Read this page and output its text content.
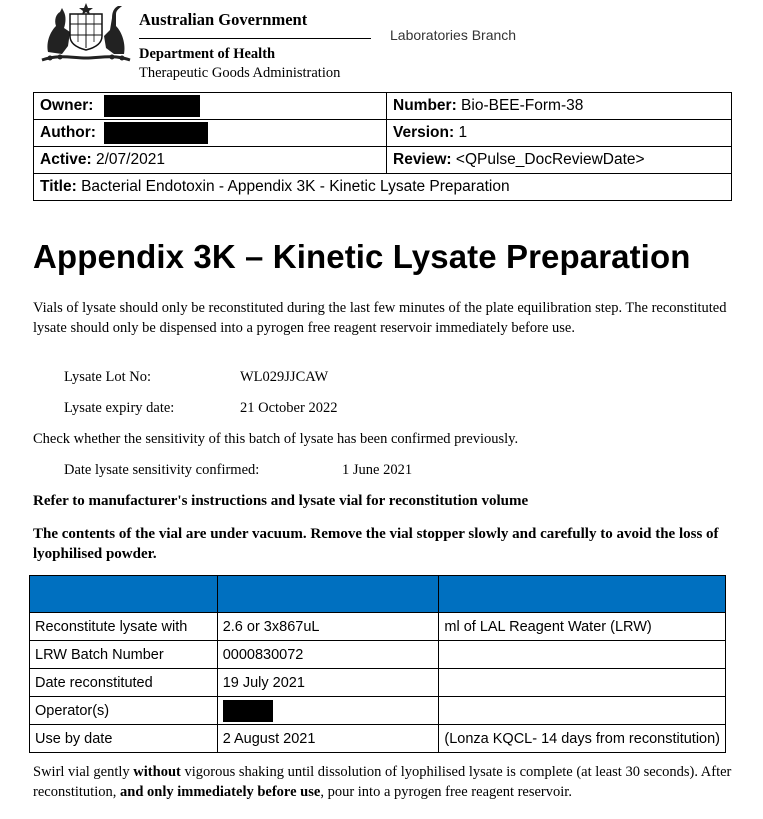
Australian Government
Department of Health
Therapeutic Goods Administration
Laboratories Branch
Owner:	Number: Bio-BEE-Form-38
Author:	Version: 1
Active: 2/07/2021	Review: <QPulse_DocReviewDate>
Title: Bacterial Endotoxin - Appendix 3K - Kinetic Lysate Preparation	
Appendix 3K – Kinetic Lysate Preparation
Vials of lysate should only be reconstituted during the last few minutes of the plate equilibration step. The reconstituted lysate should only be dispensed into a pyrogen free reagent reservoir immediately before use.
Lysate Lot No:	WL029JJCAW
Lysate expiry date:	21 October 2022
Check whether the sensitivity of this batch of lysate has been confirmed previously.
Date lysate sensitivity confirmed:	1 June 2021
Refer to manufacturer's instructions and lysate vial for reconstitution volume
The contents of the vial are under vacuum. Remove the vial stopper slowly and carefully to avoid the loss of lyophilised powder.

Reconstitute lysate with	2.6 or 3x867uL	ml of LAL Reagent Water (LRW)
LRW Batch Number	0000830072	
Date reconstituted	19 July 2021	
Operator(s)		
Use by date	2 August 2021	(Lonza KQCL- 14 days from reconstitution)
Swirl vial gently without vigorous shaking until dissolution of lyophilised lysate is complete (at least 30 seconds). After reconstitution, and only immediately before use, pour into a pyrogen free reagent reservoir.
